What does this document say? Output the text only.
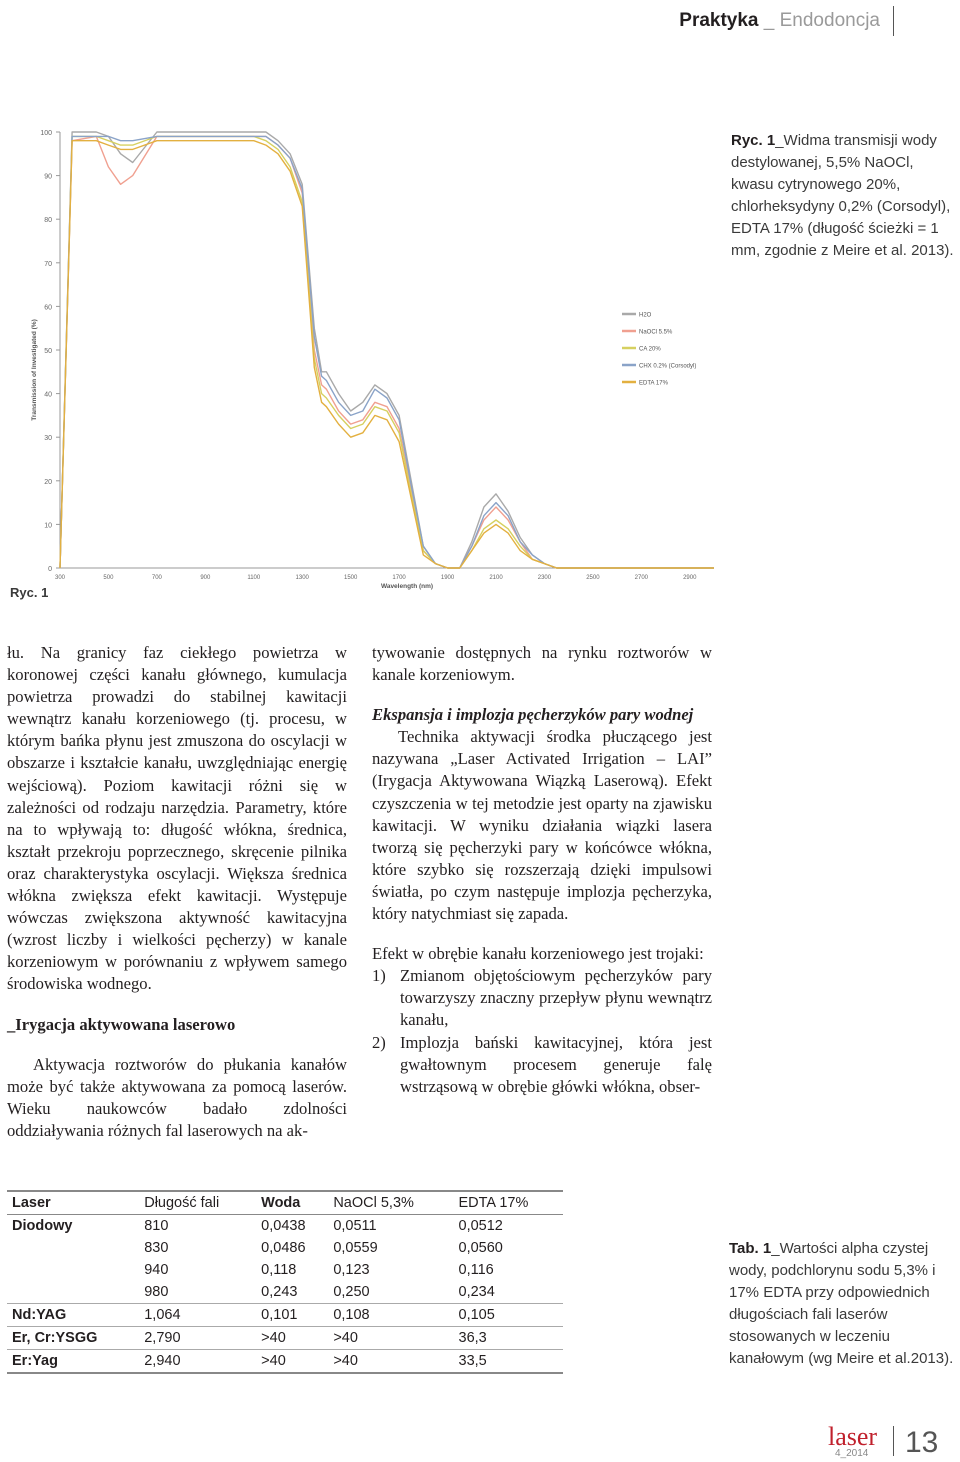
Praktyka _ Endodoncja
0
10
20
30
40
50
60
70
80
90
100
300	500	700	900	1100	1300	1500	1700	1900	2100	2300	2500	2700	2900
Wavelength (nm)
Transmission of Investigated (%)
H2O
NaOCl 5.5%
CA 20%
CHX 0.2% (Corsodyl)
EDTA 17%
Ryc. 1_Widma transmisji wody destylowanej, 5,5% NaOCl, kwasu cytrynowego 20%, chlorheksydyny 0,2% (Corsodyl), EDTA 17% (długość ścieżki = 1 mm, zgodnie z Meire et al. 2013).
Ryc. 1

łu. Na granicy faz ciekłego powietrza w koronowej części kanału głównego, kumulacja powietrza prowadzi do stabilnej kawitacji wewnątrz kanału korzeniowego (tj. procesu, w którym bańka płynu jest zmuszona do oscylacji w obszarze i kształcie kanału, uwzględniając energię wejściową). Poziom kawitacji różni się w zależności od rodzaju narzędzia. Parametry, które na to wpływają to: długość włókna, średnica, kształt przekroju poprzecznego, skręcenie pilnika oraz charakterystyka oscylacji. Większa średnica włókna zwiększa efekt kawitacji. Występuje wówczas zwiększona aktywność kawitacyjna (wzrost liczby i wielkości pęcherzy) w kanale korzeniowym w porównaniu z wpływem samego środowiska wodnego.

_Irygacja aktywowana laserowo

Aktywacja roztworów do płukania kanałów może być także aktywowana za pomocą laserów. Wieku naukowców badało zdolności oddziaływania różnych fal laserowych na ak-

tywowanie dostępnych na rynku roztworów w kanale korzeniowym.

Ekspansja i implozja pęcherzyków pary wodnej

Technika aktywacji środka płuczącego jest nazywana „Laser Activated Irrigation – LAI” (Irygacja Aktywowana Wiązką Laserową). Efekt czyszczenia w tej metodzie jest oparty na zjawisku kawitacji. W wyniku działania wiązki lasera tworzą się pęcherzyki pary w końcówce włókna, które szybko się rozszerzają dzięki impulsowi światła, po czym następuje implozja pęcherzyka, który natychmiast się zapada.

Efekt w obrębie kanału korzeniowego jest trojaki:

1) Zmianom objętościowym pęcherzyków pary towarzyszy znaczny przepływ płynu wewnątrz kanału,
2) Implozja bański kawitacyjnej, która jest gwałtownym procesem generuje falę wstrząsową w obrębie główki włókna, obser-
Laser	Długość fali	Woda	NaOCl 5,3%	EDTA 17%
Diodowy	810	0,0438	0,0511	0,0512
	830	0,0486	0,0559	0,0560
	940	0,118	0,123	0,116
	980	0,243	0,250	0,234
Nd:YAG	1,064	0,101	0,108	0,105
Er, Cr:YSGG	2,790	>40	>40	36,3
Er:Yag	2,940	>40	>40	33,5
Tab. 1_Wartości alpha czystej wody, podchlorynu sodu 5,3% i 17% EDTA przy odpowiednich długościach fali laserów stosowanych w leczeniu kanałowym (wg Meire et al.2013).
laser
4_2014 13
